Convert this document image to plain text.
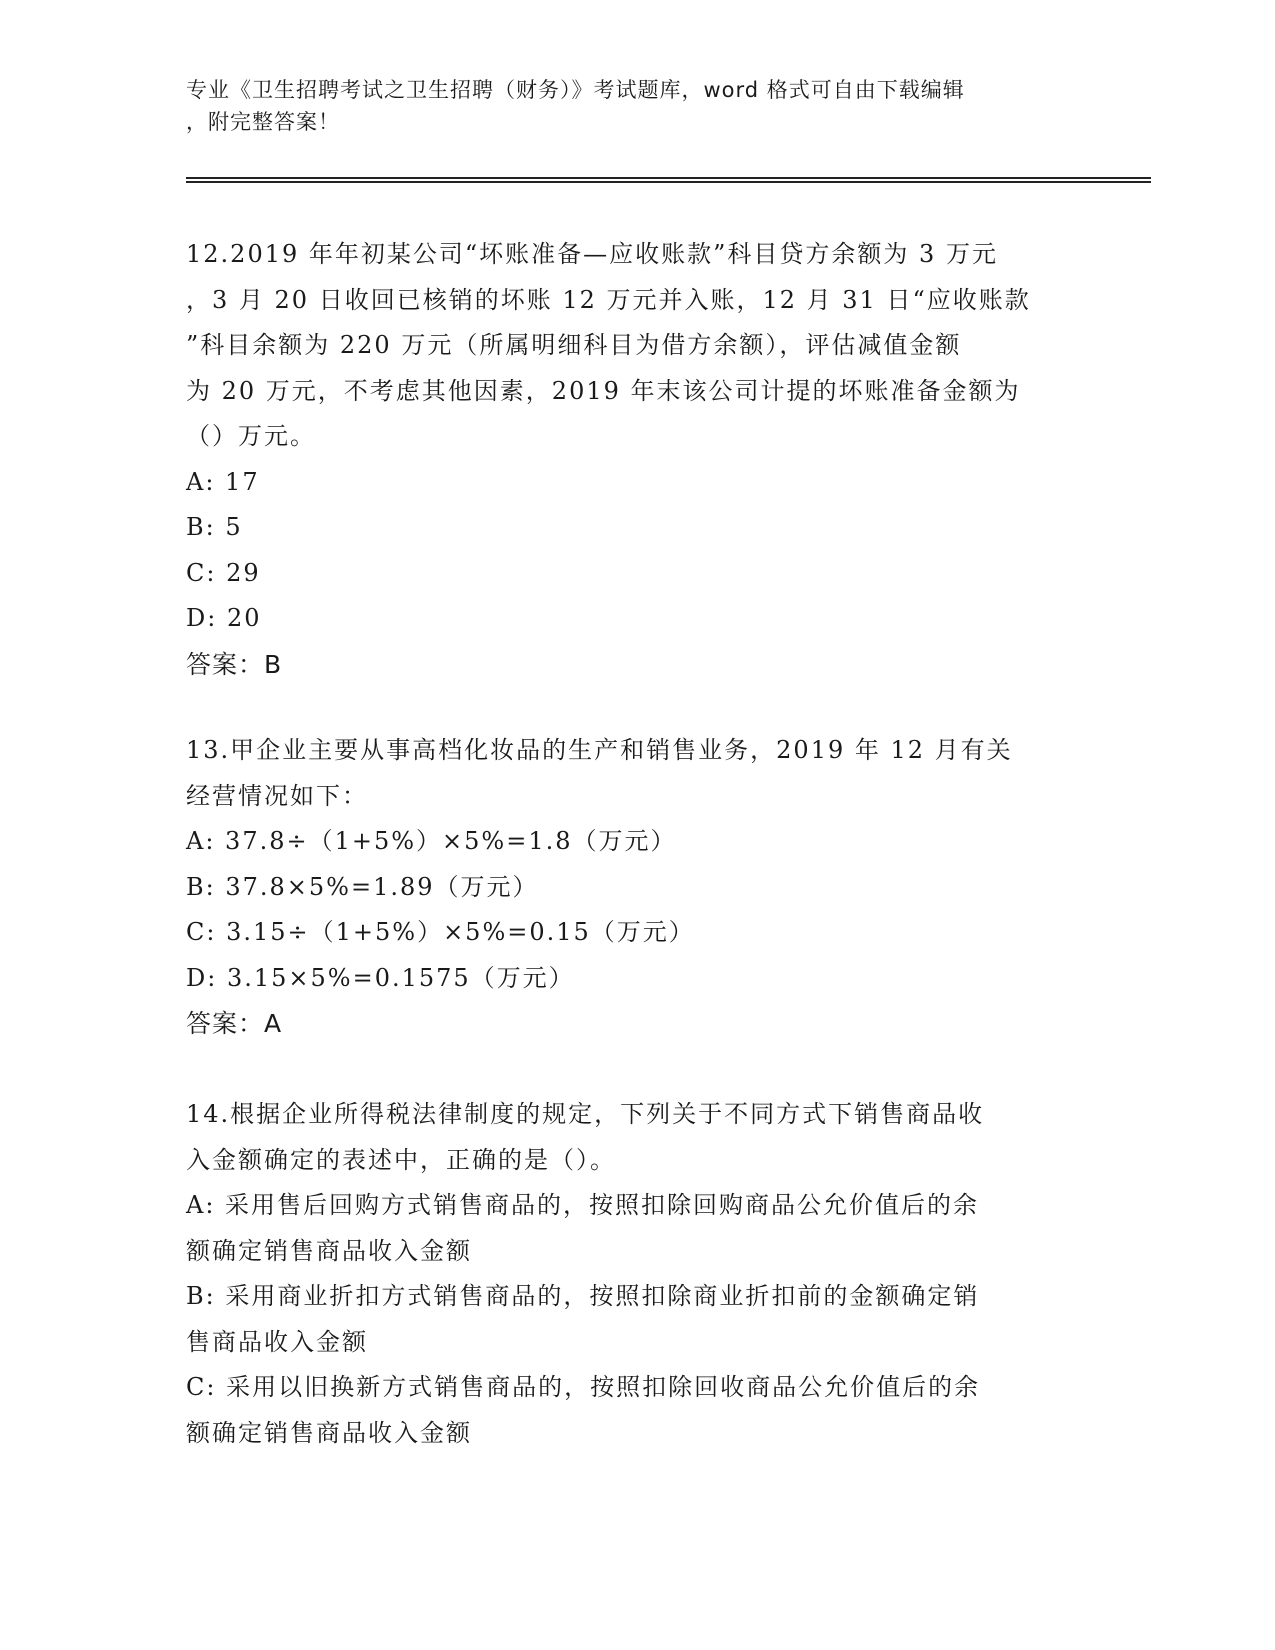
专业《卫生招聘考试之卫生招聘（财务）》考试题库，word 格式可自由下载编辑
，附完整答案！
12.2019 年年初某公司“坏账准备—应收账款”科目贷方余额为 3 万元
，3 月 20 日收回已核销的坏账 12 万元并入账，12 月 31 日“应收账款
”科目余额为 220 万元（所属明细科目为借方余额），评估减值金额
为 20 万元，不考虑其他因素，2019 年末该公司计提的坏账准备金额为
（）万元。
A: 17
B: 5
C: 29
D: 20
答案：B
13.甲企业主要从事高档化妆品的生产和销售业务，2019 年 12 月有关
经营情况如下：
A: 37.8÷（1+5%）×5%=1.8（万元）
B: 37.8×5%=1.89（万元）
C: 3.15÷（1+5%）×5%=0.15（万元）
D: 3.15×5%=0.1575（万元）
答案：A
14.根据企业所得税法律制度的规定，下列关于不同方式下销售商品收
入金额确定的表述中，正确的是（）。
A: 采用售后回购方式销售商品的，按照扣除回购商品公允价值后的余
额确定销售商品收入金额
B: 采用商业折扣方式销售商品的，按照扣除商业折扣前的金额确定销
售商品收入金额
C: 采用以旧换新方式销售商品的，按照扣除回收商品公允价值后的余
额确定销售商品收入金额
